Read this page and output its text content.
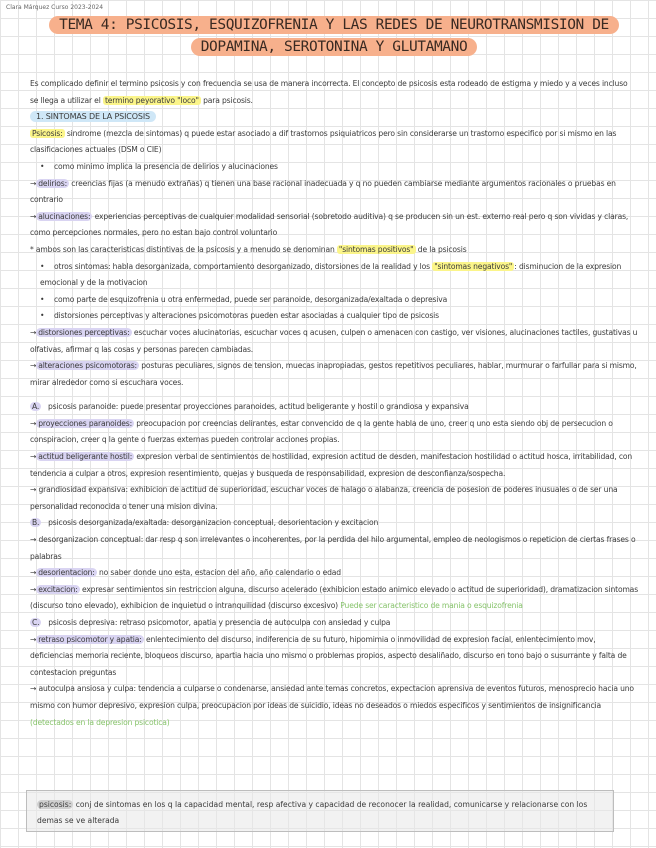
Clara Márquez Curso 2023-2024
TEMA 4: PSICOSIS, ESQUIZOFRENIA Y LAS REDES DE NEUROTRANSMISION DE
DOPAMINA, SEROTONINA Y GLUTAMANO

Es complicado definir el termino psicosis y con frecuencia se usa de manera incorrecta. El concepto de psicosis esta rodeado de estigma y miedo y a veces incluso se llega a utilizar el termino peyorativo "loco" para psicosis.

1. SINTOMAS DE LA PSICOSIS

Psicosis: sindrome (mezcla de sintomas) q puede estar asociado a dif trastornos psiquiatricos pero sin considerarse un trastorno especifico por si mismo en las clasificaciones actuales (DSM o CIE)

• como minimo implica la presencia de delirios y alucinaciones

→ delirios: creencias fijas (a menudo extrañas) q tienen una base racional inadecuada y q no pueden cambiarse mediante argumentos racionales o pruebas en contrario

→ alucinaciones: experiencias perceptivas de cualquier modalidad sensorial (sobretodo auditiva) q se producen sin un est. externo real pero q son vividas y claras, como percepciones normales, pero no estan bajo control voluntario

* ambos son las caracteristicas distintivas de la psicosis y a menudo se denominan "sintomas positivos" de la psicosis

• otros sintomas: habla desorganizada, comportamiento desorganizado, distorsiones de la realidad y los "sintomas negativos" : disminucion de la expresion emocional y de la motivacion

• como parte de esquizofrenia u otra enfermedad, puede ser paranoide, desorganizada/exaltada o depresiva

• distorsiones perceptivas y alteraciones psicomotoras pueden estar asociadas a cualquier tipo de psicosis

→ distorsiones perceptivas: escuchar voces alucinatorias, escuchar voces q acusen, culpen o amenacen con castigo, ver visiones, alucinaciones tactiles, gustativas u olfativas, afirmar q las cosas y personas parecen cambiadas.

→ alteraciones psicomotoras: posturas peculiares, signos de tension, muecas inapropiadas, gestos repetitivos peculiares, hablar, murmurar o farfullar para si mismo, mirar alrededor como si escuchara voces.

A. psicosis paranoide: puede presentar proyecciones paranoides, actitud beligerante y hostil o grandiosa y expansiva

→ proyecciones paranoides: preocupacion por creencias delirantes, estar convencido de q la gente habla de uno, creer q uno esta siendo obj de persecucion o conspiracion, creer q la gente o fuerzas externas pueden controlar acciones propias.

→ actitud beligerante hostil: expresion verbal de sentimientos de hostilidad, expresion actitud de desden, manifestacion hostilidad o actitud hosca, irritabilidad, con tendencia a culpar a otros, expresion resentimiento, quejas y busqueda de responsabilidad, expresion de desconfianza/sospecha.

→ grandiosidad expansiva: exhibicion de actitud de superioridad, escuchar voces de halago o alabanza, creencia de posesion de poderes inusuales o de ser una personalidad reconocida o tener una mision divina.

B. psicosis desorganizada/exaltada: desorganizacion conceptual, desorientacion y excitacion

→ desorganizacion conceptual: dar resp q son irrelevantes o incoherentes, por la perdida del hilo argumental, empleo de neologismos o repeticion de ciertas frases o palabras

→ desorientacion: no saber donde uno esta, estacion del año, año calendario o edad

→ excitacion: expresar sentimientos sin restriccion alguna, discurso acelerado (exhibicion estado animico elevado o actitud de superioridad), dramatizacion sintomas (discurso tono elevado), exhibicion de inquietud o intranquilidad (discurso excesivo) Puede ser caracteristico de mania o esquizofrenia

C. psicosis depresiva: retraso psicomotor, apatia y presencia de autoculpa con ansiedad y culpa

→ retraso psicomotor y apatia: enlentecimiento del discurso, indiferencia de su futuro, hipomimia o inmovilidad de expresion facial, enlentecimiento mov, deficiencias memoria reciente, bloqueos discurso, apartia hacia uno mismo o problemas propios, aspecto desaliñado, discurso en tono bajo o susurrante y falta de contestacion preguntas

→ autoculpa ansiosa y culpa: tendencia a culparse o condenarse, ansiedad ante temas concretos, expectacion aprensiva de eventos futuros, menosprecio hacia uno mismo con humor depresivo, expresion culpa, preocupacion por ideas de suicidio, ideas no deseados o miedos especificos y sentimientos de insignificancia (detectados en la depresion psicotica)

psicosis: conj de sintomas en los q la capacidad mental, resp afectiva y capacidad de reconocer la realidad, comunicarse y relacionarse con los demas se ve alterada
